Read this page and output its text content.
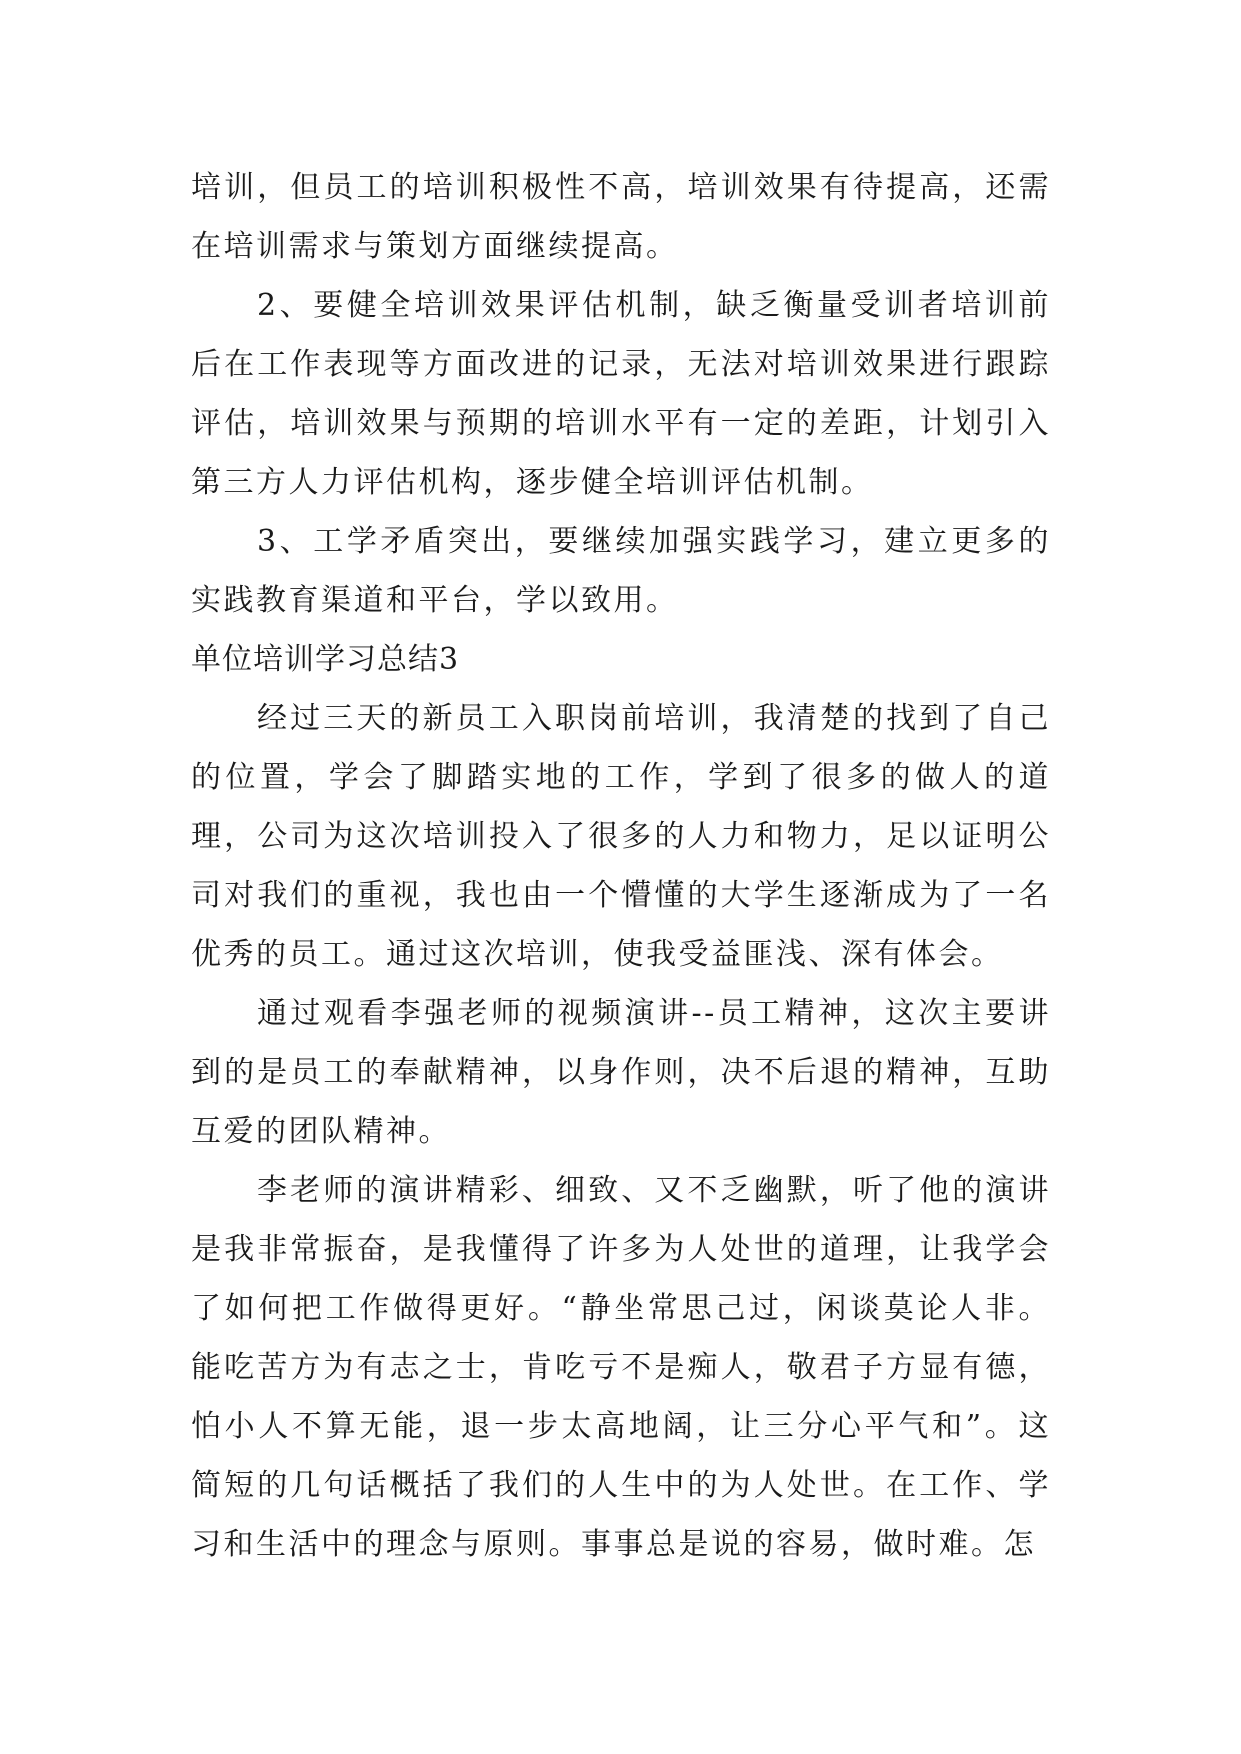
培训，但员工的培训积极性不高，培训效果有待提高，还需在培训需求与策划方面继续提高。

2、要健全培训效果评估机制，缺乏衡量受训者培训前后在工作表现等方面改进的记录，无法对培训效果进行跟踪评估，培训效果与预期的培训水平有一定的差距，计划引入第三方人力评估机构，逐步健全培训评估机制。

3、工学矛盾突出，要继续加强实践学习，建立更多的实践教育渠道和平台，学以致用。

单位培训学习总结3

经过三天的新员工入职岗前培训，我清楚的找到了自己的位置，学会了脚踏实地的工作，学到了很多的做人的道理，公司为这次培训投入了很多的人力和物力，足以证明公司对我们的重视，我也由一个懵懂的大学生逐渐成为了一名优秀的员工。通过这次培训，使我受益匪浅、深有体会。

通过观看李强老师的视频演讲--员工精神，这次主要讲到的是员工的奉献精神，以身作则，决不后退的精神，互助互爱的团队精神。

李老师的演讲精彩、细致、又不乏幽默，听了他的演讲是我非常振奋，是我懂得了许多为人处世的道理，让我学会了如何把工作做得更好。“静坐常思己过，闲谈莫论人非。能吃苦方为有志之士，肯吃亏不是痴人，敬君子方显有德，怕小人不算无能，退一步太高地阔，让三分心平气和”。这简短的几句话概括了我们的人生中的为人处世。在工作、学习和生活中的理念与原则。事事总是说的容易，做时难。怎
